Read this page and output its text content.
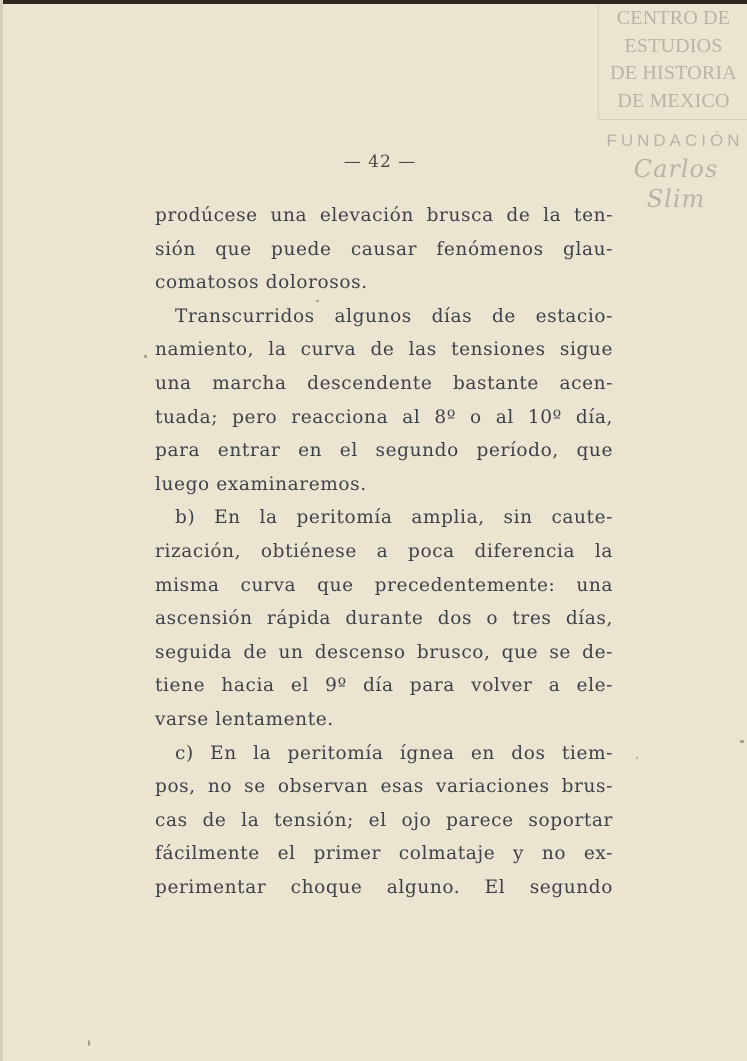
CENTRO DE
ESTUDIOS
DE HISTORIA
DE MEXICO
FUNDACIÓN
Carlos Slim
— 42 —
prodúcese una elevación brusca de la ten-
sión que puede causar fenómenos glau-
comatosos dolorosos.
Transcurridos algunos días de estacio-
namiento, la curva de las tensiones sigue
una marcha descendente bastante acen-
tuada; pero reacciona al 8º o al 10º día,
para entrar en el segundo período, que
luego examinaremos.
b) En la peritomía amplia, sin caute-
rización, obtiénese a poca diferencia la
misma curva que precedentemente: una
ascensión rápida durante dos o tres días,
seguida de un descenso brusco, que se de-
tiene hacia el 9º día para volver a ele-
varse lentamente.
c) En la peritomía ígnea en dos tiem-
pos, no se observan esas variaciones brus-
cas de la tensión; el ojo parece soportar
fácilmente el primer colmataje y no ex-
perimentar choque alguno. El segundo
